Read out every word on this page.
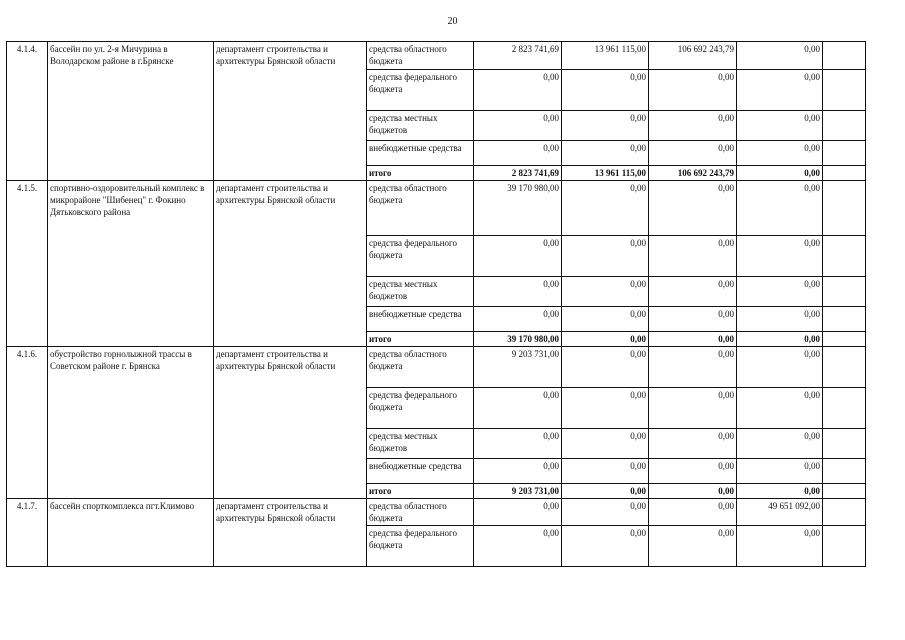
20
4.1.4.	бассейн по ул. 2-я Мичурина в Володарском районе в г.Брянске	департамент строительства и архитектуры Брянской области	средства областного бюджета	2 823 741,69	13 961 115,00	106 692 243,79	0,00	
			средства федерального бюджета	0,00	0,00	0,00	0,00	
			средства местных бюджетов	0,00	0,00	0,00	0,00	
			внебюджетные средства	0,00	0,00	0,00	0,00	
			итого	2 823 741,69	13 961 115,00	106 692 243,79	0,00	
4.1.5.	спортивно-оздоровительный комплекс в микрорайоне "Шибенец" г. Фокино Дятьковского района	департамент строительства и архитектуры Брянской области	средства областного бюджета	39 170 980,00	0,00	0,00	0,00	
			средства федерального бюджета	0,00	0,00	0,00	0,00	
			средства местных бюджетов	0,00	0,00	0,00	0,00	
			внебюджетные средства	0,00	0,00	0,00	0,00	
			итого	39 170 980,00	0,00	0,00	0,00	
4.1.6.	обустройство горнолыжной трассы в Советском районе г. Брянска	департамент строительства и архитектуры Брянской области	средства областного бюджета	9 203 731,00	0,00	0,00	0,00	
			средства федерального бюджета	0,00	0,00	0,00	0,00	
			средства местных бюджетов	0,00	0,00	0,00	0,00	
			внебюджетные средства	0,00	0,00	0,00	0,00	
			итого	9 203 731,00	0,00	0,00	0,00	
4.1.7.	бассейн спорткомплекса пгт.Климово	департамент строительства и архитектуры Брянской области	средства областного бюджета	0,00	0,00	0,00	49 651 092,00	
			средства федерального бюджета	0,00	0,00	0,00	0,00	
